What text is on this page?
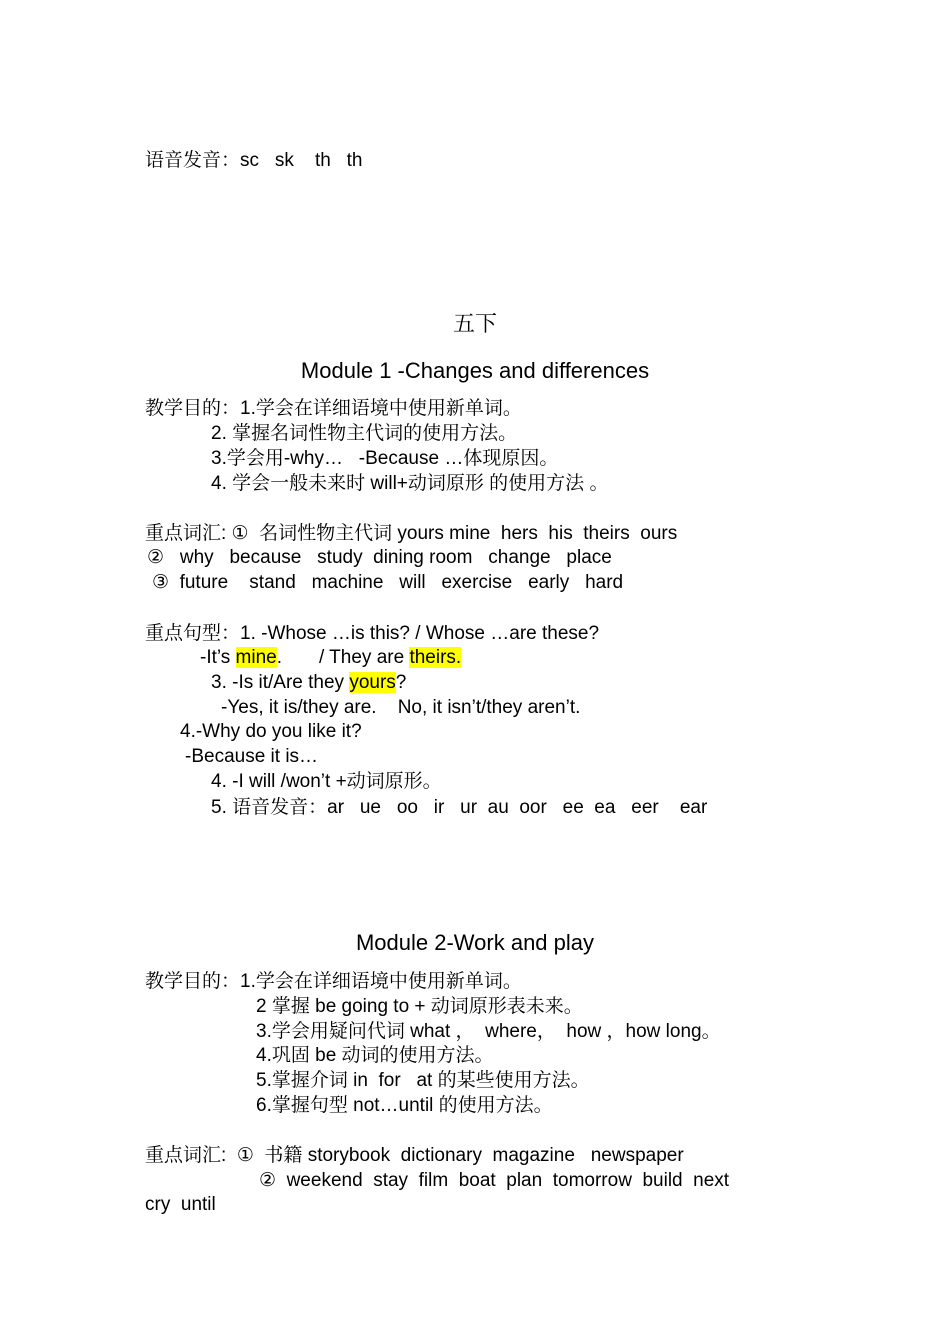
语音发音：sc   sk    th   th
五下
Module 1 -Changes and differences
教学目的：1.学会在详细语境中使用新单词。
2. 掌握名词性物主代词的使用方法。
3.学会用-why…   -Because …体现原因。
4. 学会一般未来时 will+动词原形 的使用方法 。
重点词汇: ①  名词性物主代词 yours mine  hers  his  theirs  ours
②   why   because   study  dining room   change   place
③  future    stand   machine   will   exercise   early   hard
重点句型：1. -Whose …is this? / Whose …are these?
-It’s mine.       / They are theirs.
3. -Is it/Are they yours?
-Yes, it is/they are.    No, it isn’t/they aren’t.
4.-Why do you like it?
-Because it is…
4. -I will /won’t +动词原形。
5. 语音发音：ar   ue   oo   ir   ur  au  oor   ee  ea   eer    ear
Module 2-Work and play
教学目的：1.学会在详细语境中使用新单词。
2 掌握 be going to + 动词原形表未来。
3.学会用疑问代词 what ，  where，  how ，how long。
4.巩固 be 动词的使用方法。
5.掌握介词 in  for   at 的某些使用方法。
6.掌握句型 not…until 的使用方法。
重点词汇:  ①  书籍 storybook  dictionary  magazine   newspaper
②  weekend  stay  film  boat  plan  tomorrow  build  next
cry  until
